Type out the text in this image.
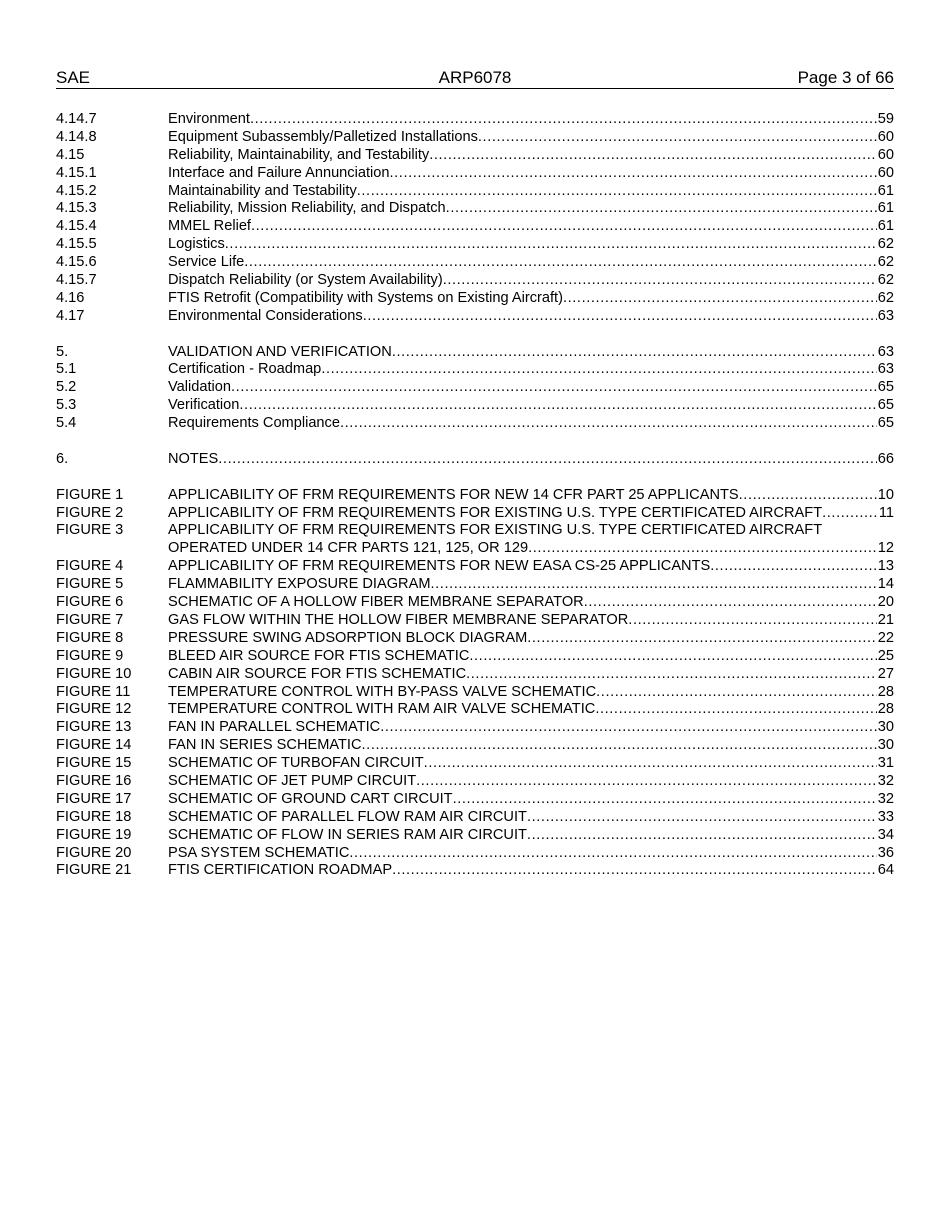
SAE	ARP6078	Page 3 of 66
4.14.7	Environment .....	59
4.14.8	Equipment Subassembly/Palletized Installations .....	60
4.15	Reliability, Maintainability, and Testability .....	60
4.15.1	Interface and Failure Annunciation .....	60
4.15.2	Maintainability and Testability .....	61
4.15.3	Reliability, Mission Reliability, and Dispatch .....	61
4.15.4	MMEL Relief .....	61
4.15.5	Logistics .....	62
4.15.6	Service Life .....	62
4.15.7	Dispatch Reliability (or System Availability) .....	62
4.16	FTIS Retrofit (Compatibility with Systems on Existing Aircraft) .....	62
4.17	Environmental Considerations .....	63
5.	VALIDATION AND VERIFICATION .....	63
5.1	Certification - Roadmap .....	63
5.2	Validation .....	65
5.3	Verification .....	65
5.4	Requirements Compliance .....	65
6.	NOTES .....	66
FIGURE 1	APPLICABILITY OF FRM REQUIREMENTS FOR NEW 14 CFR PART 25 APPLICANTS .....	10
FIGURE 2	APPLICABILITY OF FRM REQUIREMENTS FOR EXISTING U.S. TYPE CERTIFICATED AIRCRAFT .....	11
FIGURE 3	APPLICABILITY OF FRM REQUIREMENTS FOR EXISTING U.S. TYPE CERTIFICATED AIRCRAFT
OPERATED UNDER 14 CFR PARTS 121, 125, OR 129 .....	12
FIGURE 4	APPLICABILITY OF FRM REQUIREMENTS FOR NEW EASA CS-25 APPLICANTS .....	13
FIGURE 5	FLAMMABILITY EXPOSURE DIAGRAM .....	14
FIGURE 6	SCHEMATIC OF A HOLLOW FIBER MEMBRANE SEPARATOR .....	20
FIGURE 7	GAS FLOW WITHIN THE HOLLOW FIBER MEMBRANE SEPARATOR .....	21
FIGURE 8	PRESSURE SWING ADSORPTION BLOCK DIAGRAM .....	22
FIGURE 9	BLEED AIR SOURCE FOR FTIS SCHEMATIC .....	25
FIGURE 10	CABIN AIR SOURCE FOR FTIS SCHEMATIC .....	27
FIGURE 11	TEMPERATURE CONTROL WITH BY-PASS VALVE SCHEMATIC .....	28
FIGURE 12	TEMPERATURE CONTROL WITH RAM AIR VALVE SCHEMATIC .....	28
FIGURE 13	FAN IN PARALLEL SCHEMATIC .....	30
FIGURE 14	FAN IN SERIES SCHEMATIC .....	30
FIGURE 15	SCHEMATIC OF TURBOFAN CIRCUIT .....	31
FIGURE 16	SCHEMATIC OF JET PUMP CIRCUIT .....	32
FIGURE 17	SCHEMATIC OF GROUND CART CIRCUIT .....	32
FIGURE 18	SCHEMATIC OF PARALLEL FLOW RAM AIR CIRCUIT .....	33
FIGURE 19	SCHEMATIC OF FLOW IN SERIES RAM AIR CIRCUIT .....	34
FIGURE 20	PSA SYSTEM SCHEMATIC .....	36
FIGURE 21	FTIS CERTIFICATION ROADMAP .....	64
